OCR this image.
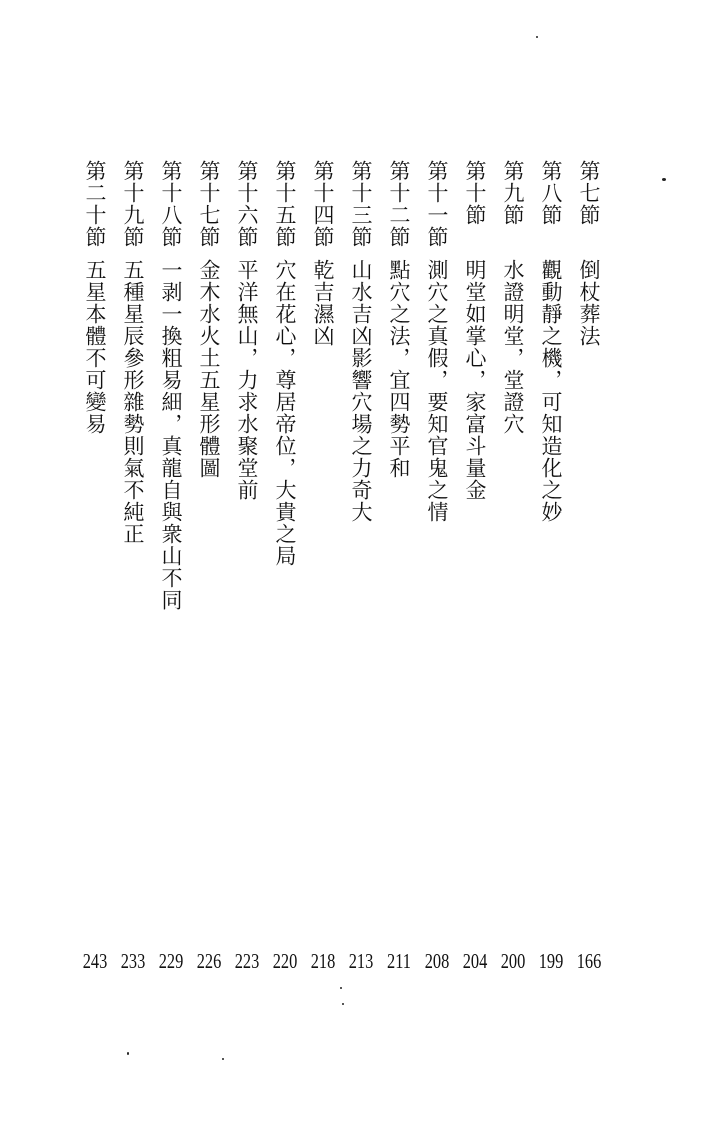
第七節
倒杖葬法
166
第八節
觀動靜之機，可知造化之妙
199
第九節
水證明堂，堂證穴
200
第十節
明堂如掌心，家富斗量金
204
第十一節
測穴之真假，要知官鬼之情
208
第十二節
點穴之法，宜四勢平和
211
第十三節
山水吉凶影響穴場之力奇大
213
第十四節
乾吉濕凶
218
第十五節
穴在花心，尊居帝位，大貴之局
220
第十六節
平洋無山，力求水聚堂前
223
第十七節
金木水火土五星形體圖
226
第十八節
一剥一換粗易細，真龍自與衆山不同
229
第十九節
五種星辰參形雜勢則氣不純正
233
第二十節
五星本體不可變易
243
